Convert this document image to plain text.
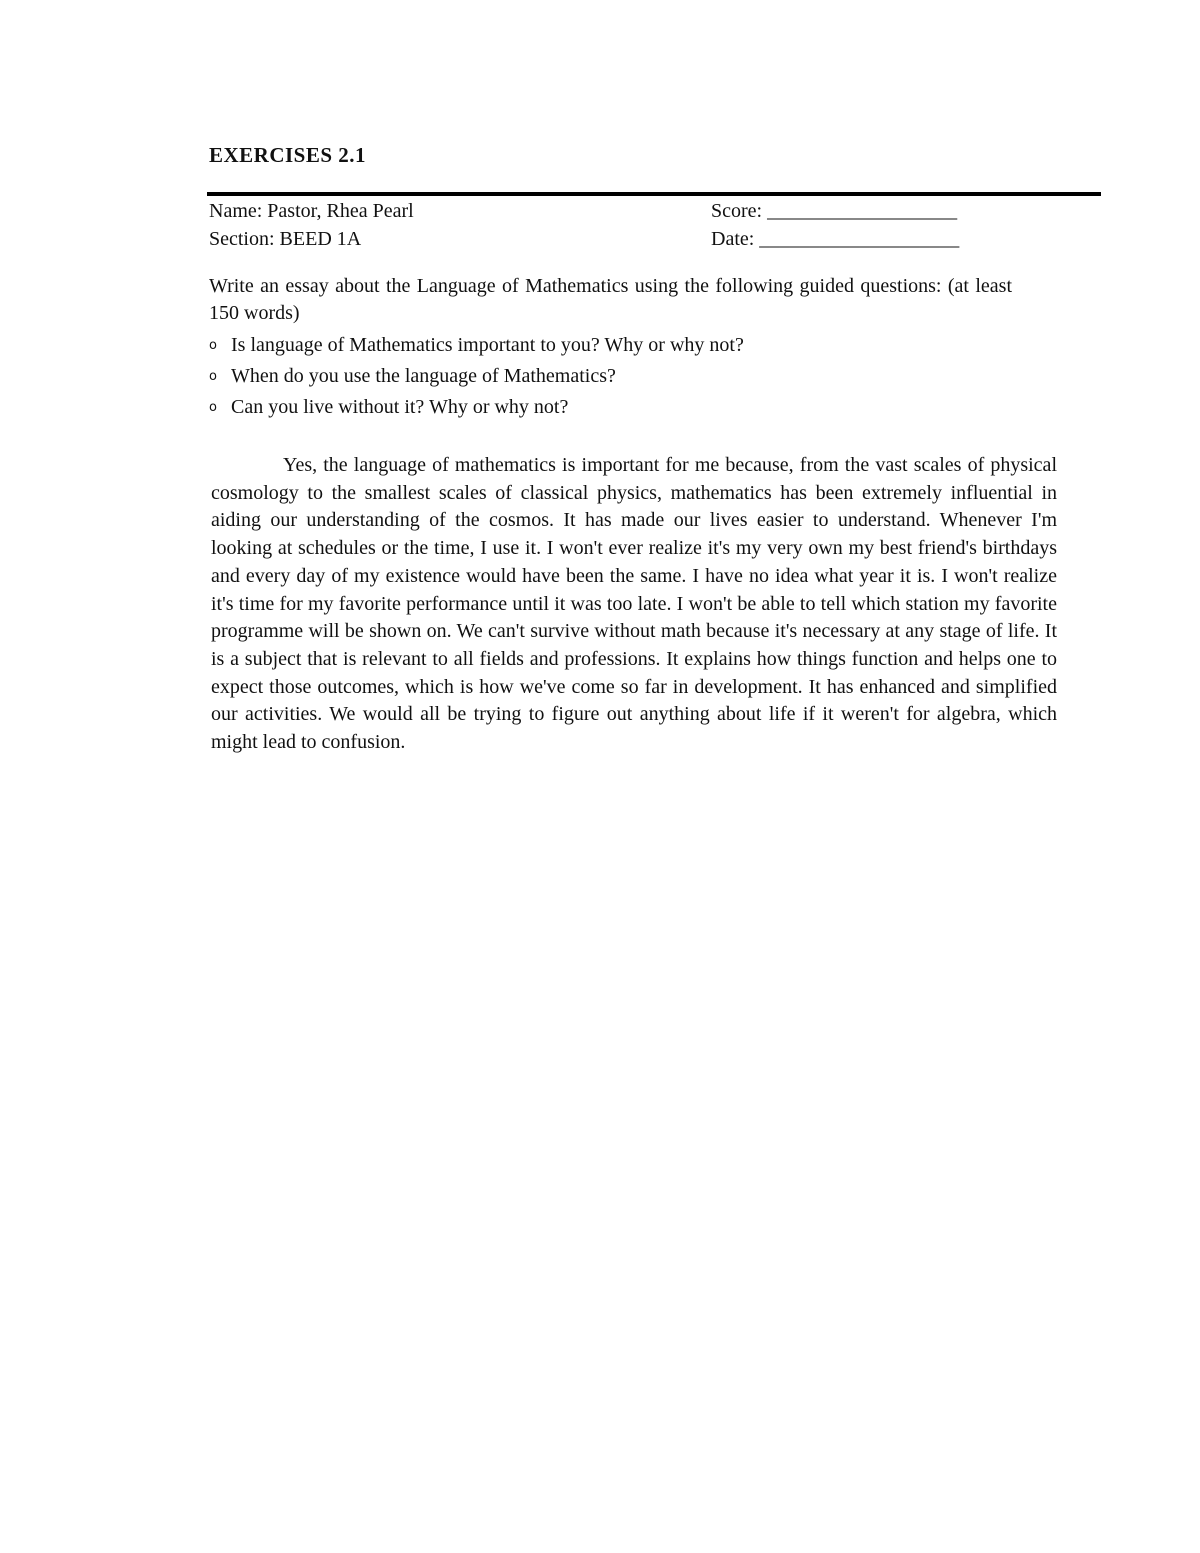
EXERCISES 2.1
Name: Pastor, Rhea Pearl	Score: ___________________
Section: BEED 1A	Date: ____________________

Write an essay about the Language of Mathematics using the following guided questions: (at least 150 words)

o Is language of Mathematics important to you? Why or why not?
o When do you use the language of Mathematics?
o Can you live without it? Why or why not?

Yes, the language of mathematics is important for me because, from the vast scales of physical cosmology to the smallest scales of classical physics, mathematics has been extremely influential in aiding our understanding of the cosmos. It has made our lives easier to understand. Whenever I'm looking at schedules or the time, I use it. I won't ever realize it's my very own my best friend's birthdays and every day of my existence would have been the same. I have no idea what year it is. I won't realize it's time for my favorite performance until it was too late. I won't be able to tell which station my favorite programme will be shown on. We can't survive without math because it's necessary at any stage of life. It is a subject that is relevant to all fields and professions. It explains how things function and helps one to expect those outcomes, which is how we've come so far in development. It has enhanced and simplified our activities. We would all be trying to figure out anything about life if it weren't for algebra, which might lead to confusion.
